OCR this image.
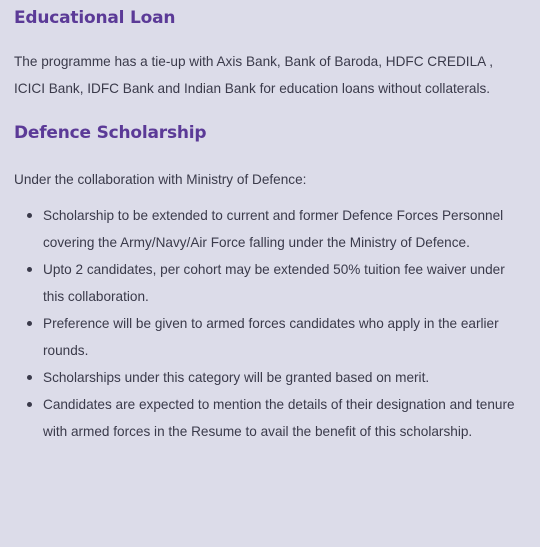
Educational Loan

The programme has a tie-up with Axis Bank, Bank of Baroda, HDFC CREDILA , ICICI Bank, IDFC Bank and Indian Bank for education loans without collaterals.

Defence Scholarship

Under the collaboration with Ministry of Defence:

Scholarship to be extended to current and former Defence Forces Personnel covering the Army/Navy/Air Force falling under the Ministry of Defence.
Upto 2 candidates, per cohort may be extended 50% tuition fee waiver under this collaboration.
Preference will be given to armed forces candidates who apply in the earlier rounds.
Scholarships under this category will be granted based on merit.
Candidates are expected to mention the details of their designation and tenure with armed forces in the Resume to avail the benefit of this scholarship.
